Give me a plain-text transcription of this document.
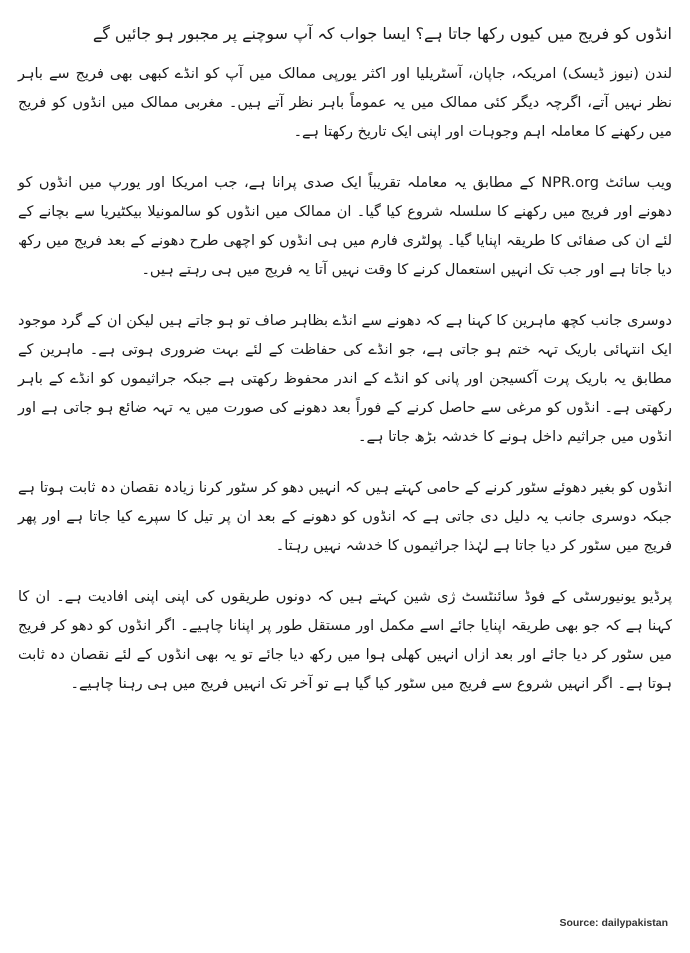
انڈوں کو فریج میں کیوں رکھا جاتا ہے؟ ایسا جواب کہ آپ سوچنے پر مجبور ہو جائیں گے

لندن (نیوز ڈیسک) امریکہ، جاپان، آسٹریلیا اور اکثر یورپی ممالک میں آپ کو انڈے کبھی بھی فریج سے باہر نظر نہیں آتے، اگرچہ دیگر کئی ممالک میں یہ عموماً باہر نظر آتے ہیں۔ مغربی ممالک میں انڈوں کو فریج میں رکھنے کا معاملہ اہم وجوہات اور اپنی ایک تاریخ رکھتا ہے۔

ویب سائٹ NPR.org کے مطابق یہ معاملہ تقریباً ایک صدی پرانا ہے، جب امریکا اور یورپ میں انڈوں کو دھونے اور فریج میں رکھنے کا سلسلہ شروع کیا گیا۔ ان ممالک میں انڈوں کو سالمونیلا بیکٹیریا سے بچانے کے لئے ان کی صفائی کا طریقہ اپنایا گیا۔ پولٹری فارم میں ہی انڈوں کو اچھی طرح دھونے کے بعد فریج میں رکھ دیا جاتا ہے اور جب تک انہیں استعمال کرنے کا وقت نہیں آتا یہ فریج میں ہی رہتے ہیں۔

دوسری جانب کچھ ماہرین کا کہنا ہے کہ دھونے سے انڈے بظاہر صاف تو ہو جاتے ہیں لیکن ان کے گرد موجود ایک انتہائی باریک تہہ ختم ہو جاتی ہے، جو انڈے کی حفاظت کے لئے بہت ضروری ہوتی ہے۔ ماہرین کے مطابق یہ باریک پرت آکسیجن اور پانی کو انڈے کے اندر محفوظ رکھتی ہے جبکہ جراثیموں کو انڈے کے باہر رکھتی ہے۔ انڈوں کو مرغی سے حاصل کرنے کے فوراً بعد دھونے کی صورت میں یہ تہہ ضائع ہو جاتی ہے اور انڈوں میں جراثیم داخل ہونے کا خدشہ بڑھ جاتا ہے۔

انڈوں کو بغیر دھوئے سٹور کرنے کے حامی کہتے ہیں کہ انہیں دھو کر سٹور کرنا زیادہ نقصان دہ ثابت ہوتا ہے جبکہ دوسری جانب یہ دلیل دی جاتی ہے کہ انڈوں کو دھونے کے بعد ان پر تیل کا سپرے کیا جاتا ہے اور پھر فریج میں سٹور کر دیا جاتا ہے لہٰذا جراثیموں کا خدشہ نہیں رہتا۔

پرڈیو یونیورسٹی کے فوڈ سائنٹسٹ ژی شین کہتے ہیں کہ دونوں طریقوں کی اپنی اپنی افادیت ہے۔ ان کا کہنا ہے کہ جو بھی طریقہ اپنایا جائے اسے مکمل اور مستقل طور پر اپنانا چاہیے۔ اگر انڈوں کو دھو کر فریج میں سٹور کر دیا جائے اور بعد ازاں انہیں کھلی ہوا میں رکھ دیا جائے تو یہ بھی انڈوں کے لئے نقصان دہ ثابت ہوتا ہے۔ اگر انہیں شروع سے فریج میں سٹور کیا گیا ہے تو آخر تک انہیں فریج میں ہی رہنا چاہیے۔

Source: dailypakistan
